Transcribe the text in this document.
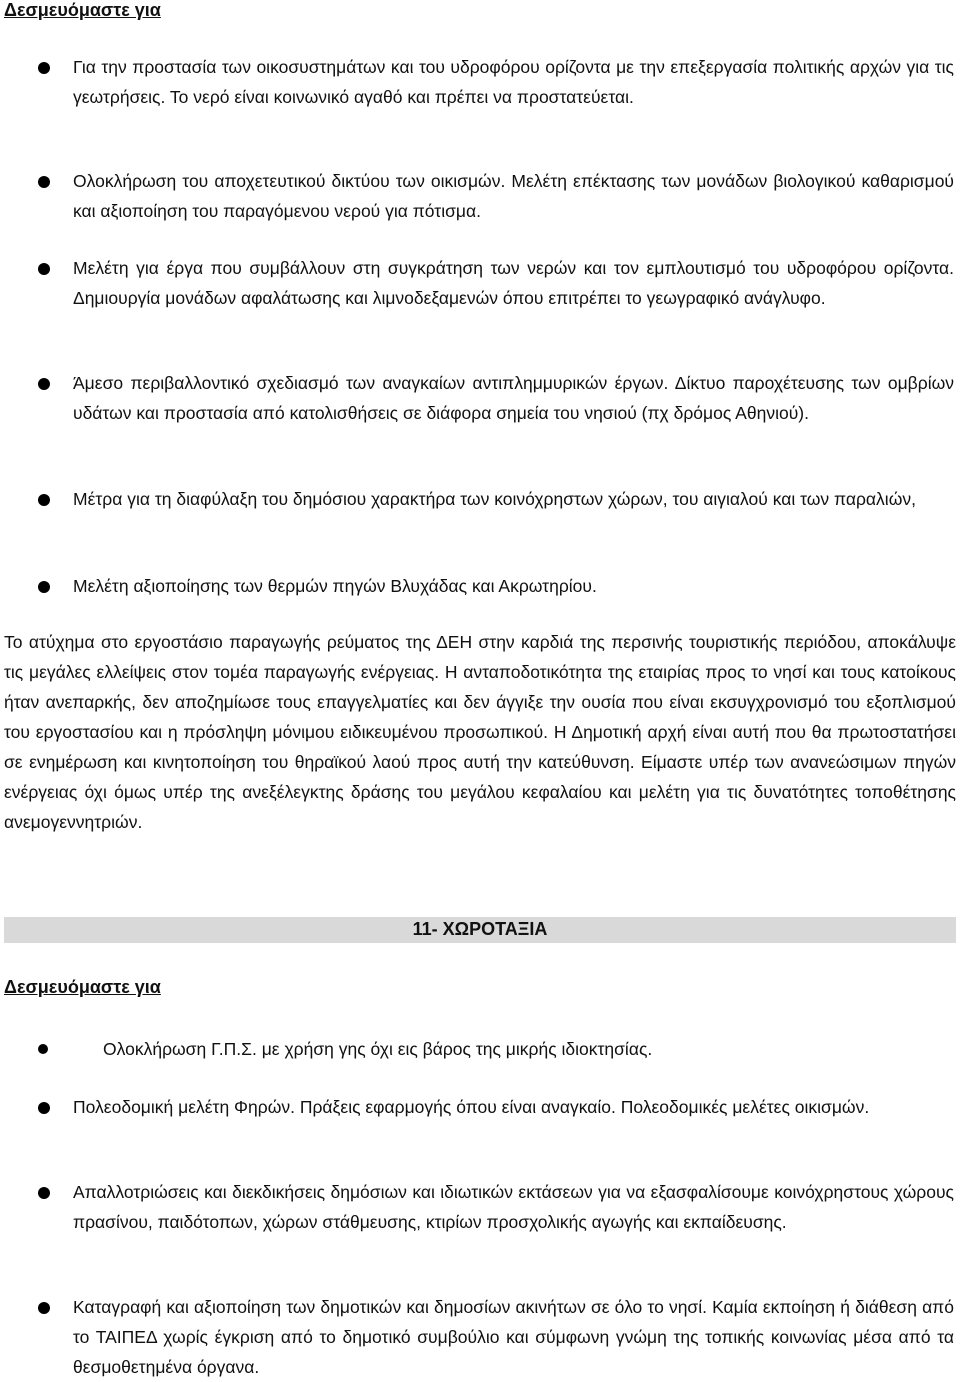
Δεσμευόμαστε για
Για την προστασία των οικοσυστημάτων και του υδροφόρου ορίζοντα με την επεξεργασία πολιτικής αρχών για τις γεωτρήσεις. Το νερό είναι κοινωνικό αγαθό και πρέπει να προστατεύεται.
Ολοκλήρωση του αποχετευτικού δικτύου των οικισμών. Μελέτη επέκτασης των μονάδων βιολογικού καθαρισμού και αξιοποίηση του παραγόμενου νερού για πότισμα.
Μελέτη για έργα που συμβάλλουν στη συγκράτηση των νερών και τον εμπλουτισμό του υδροφόρου ορίζοντα. Δημιουργία μονάδων αφαλάτωσης και λιμνοδεξαμενών όπου επιτρέπει το γεωγραφικό ανάγλυφο.
Άμεσο περιβαλλοντικό σχεδιασμό των αναγκαίων αντιπλημμυρικών έργων. Δίκτυο παροχέτευσης των ομβρίων υδάτων και προστασία από κατολισθήσεις σε διάφορα σημεία του νησιού (πχ δρόμος Αθηνιού).
Μέτρα για τη διαφύλαξη του δημόσιου χαρακτήρα των κοινόχρηστων χώρων, του αιγιαλού και των παραλιών,
Μελέτη αξιοποίησης των θερμών πηγών Βλυχάδας και Ακρωτηρίου.
Το ατύχημα στο εργοστάσιο παραγωγής ρεύματος της ΔΕΗ στην καρδιά της περσινής τουριστικής περιόδου, αποκάλυψε τις μεγάλες ελλείψεις στον τομέα παραγωγής ενέργειας. Η ανταποδοτικότητα της εταιρίας προς το νησί και τους κατοίκους ήταν ανεπαρκής, δεν αποζημίωσε τους επαγγελματίες και δεν άγγιξε την ουσία που είναι εκσυγχρονισμό του εξοπλισμού του εργοστασίου και η πρόσληψη μόνιμου ειδικευμένου προσωπικού. Η Δημοτική αρχή είναι αυτή που θα πρωτοστατήσει σε ενημέρωση και κινητοποίηση του θηραϊκού λαού προς αυτή την κατεύθυνση. Είμαστε υπέρ των ανανεώσιμων πηγών ενέργειας όχι όμως υπέρ της ανεξέλεγκτης δράσης του μεγάλου κεφαλαίου και μελέτη για τις δυνατότητες τοποθέτησης ανεμογεννητριών.
11- ΧΩΡΟΤΑΞΙΑ
Δεσμευόμαστε για
Ολοκλήρωση Γ.Π.Σ. με χρήση γης όχι εις βάρος της μικρής ιδιοκτησίας.
Πολεοδομική μελέτη Φηρών. Πράξεις εφαρμογής όπου είναι αναγκαίο. Πολεοδομικές μελέτες οικισμών.
Απαλλοτριώσεις και διεκδικήσεις δημόσιων και ιδιωτικών εκτάσεων για να εξασφαλίσουμε κοινόχρηστους χώρους πρασίνου, παιδότοπων, χώρων στάθμευσης, κτιρίων προσχολικής αγωγής και εκπαίδευσης.
Καταγραφή και αξιοποίηση των δημοτικών και δημοσίων ακινήτων σε όλο το νησί. Καμία εκποίηση ή διάθεση από το ΤΑΙΠΕΔ χωρίς έγκριση από το δημοτικό συμβούλιο και σύμφωνη γνώμη της τοπικής κοινωνίας μέσα από τα θεσμοθετημένα όργανα.
